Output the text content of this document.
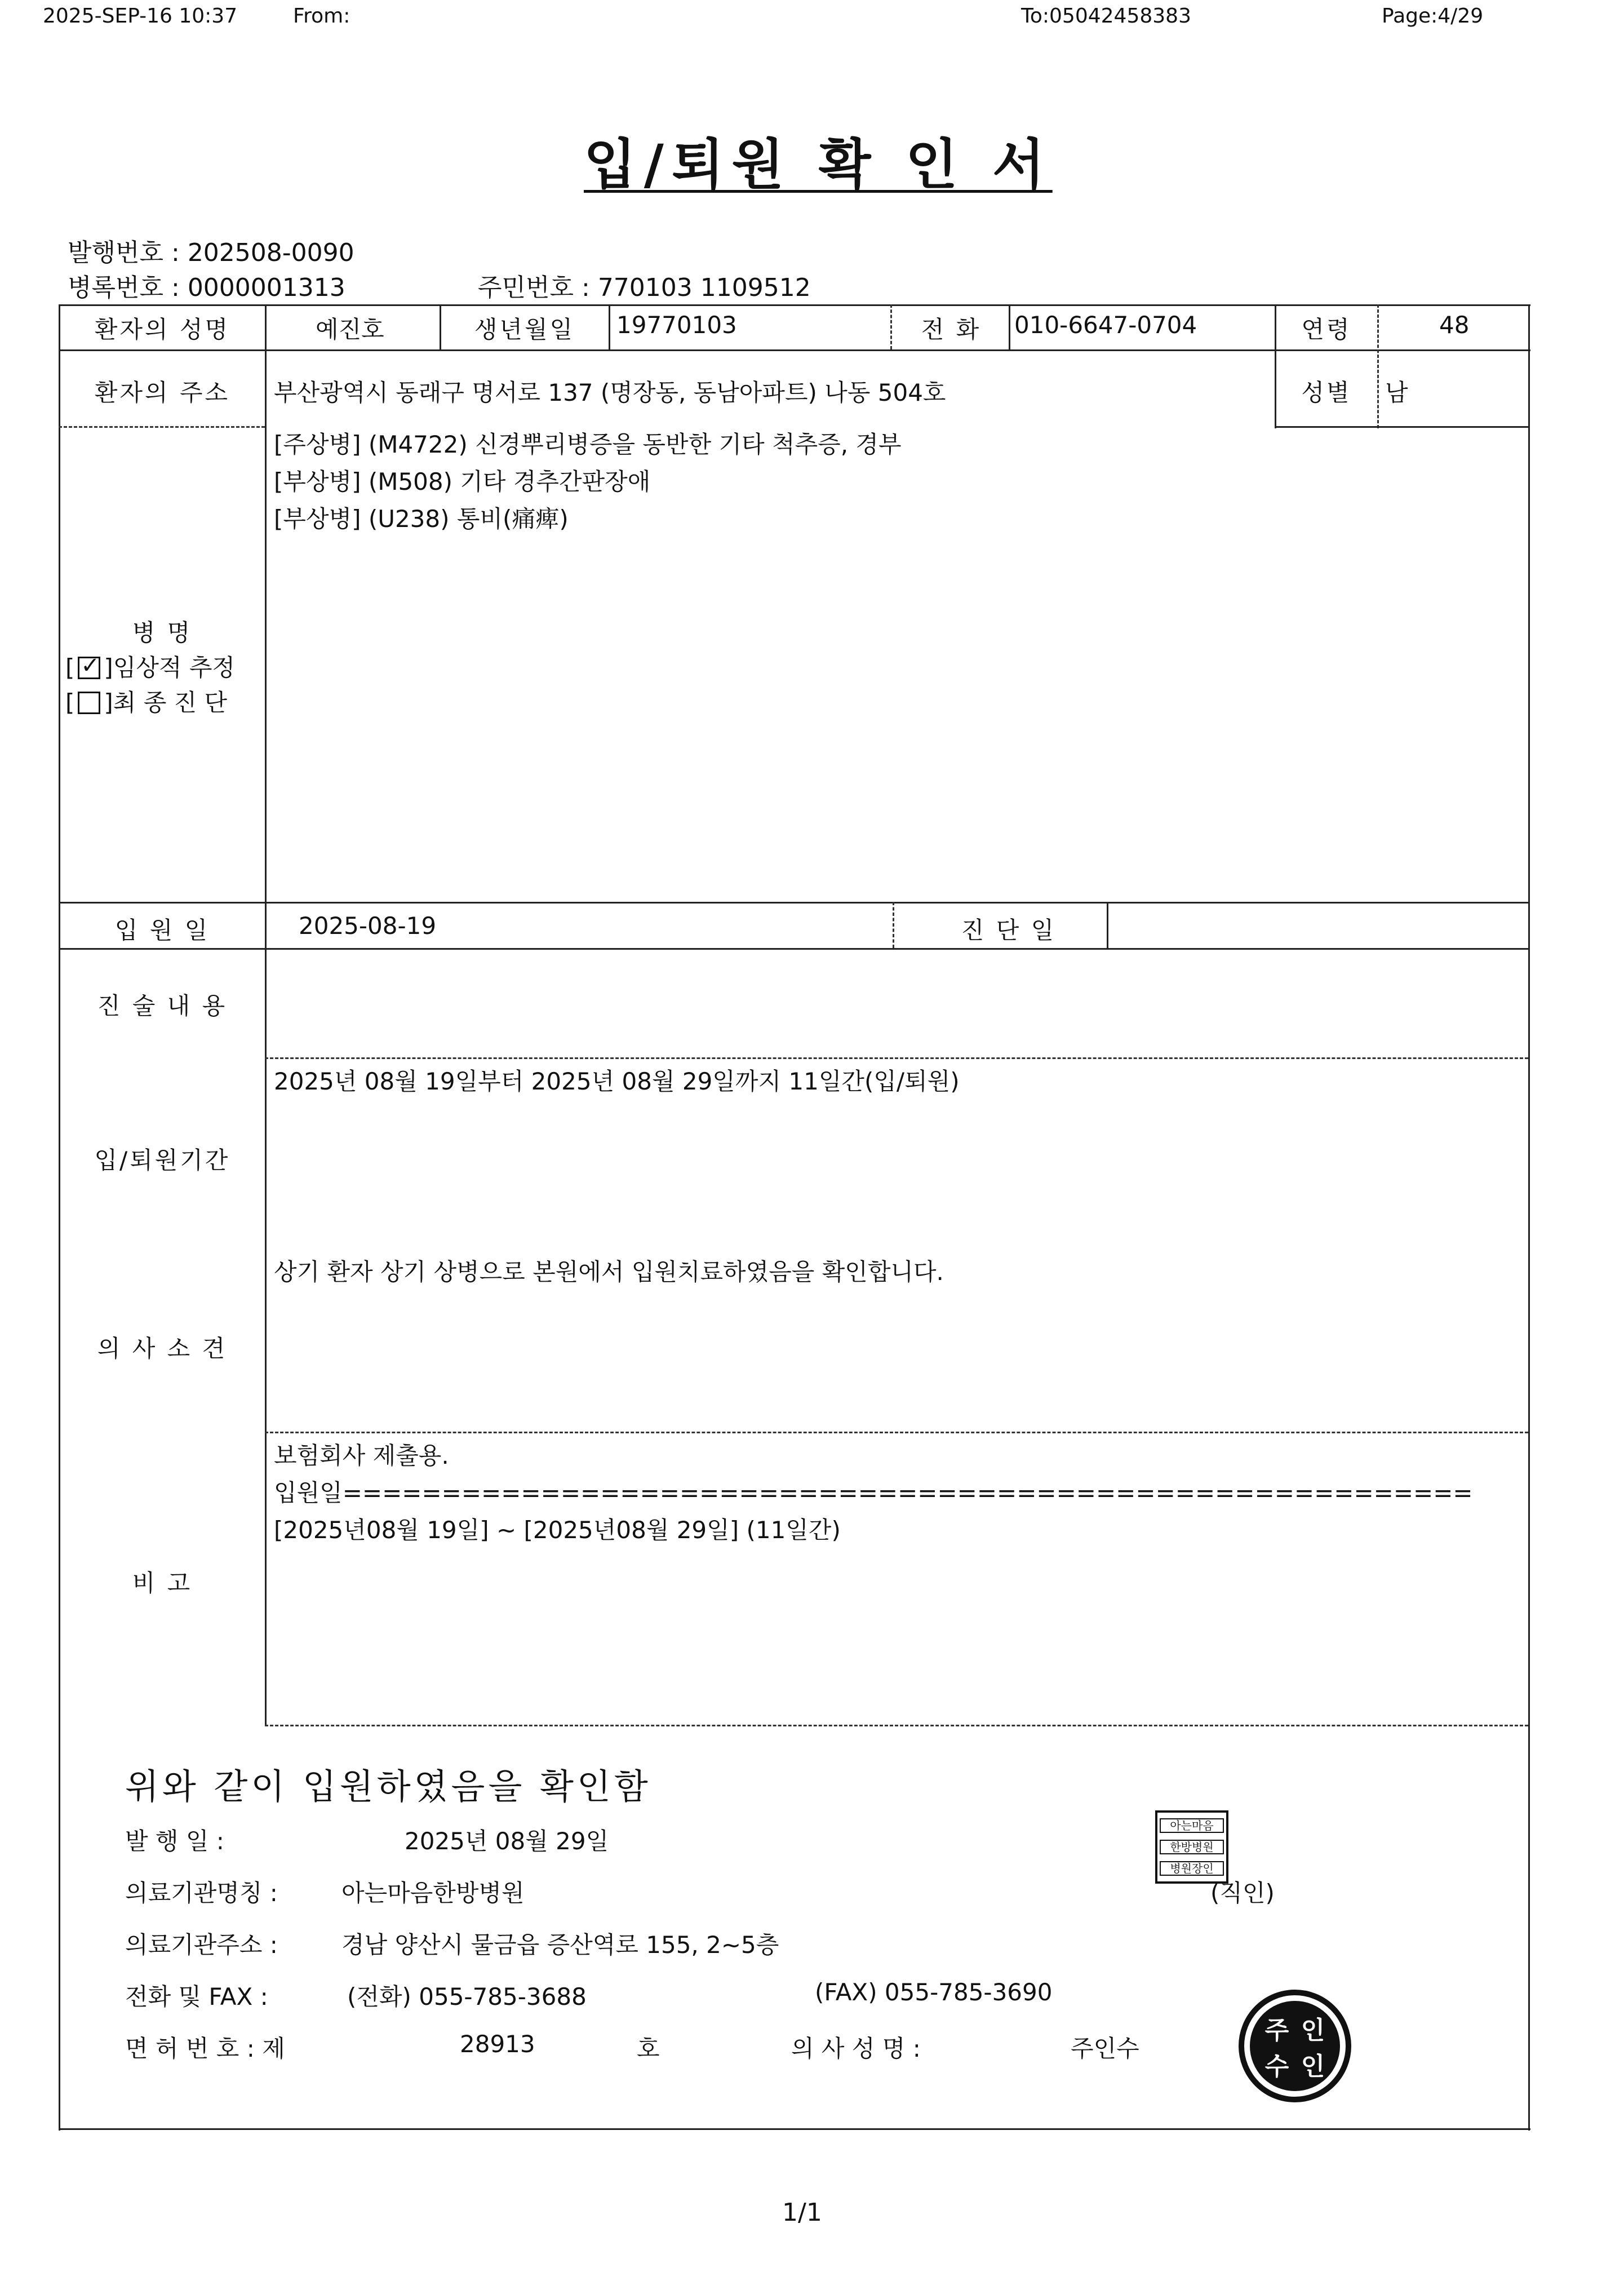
2025-SEP-16 10:37	From:	To:05042458383	Page:4/29
입/퇴원 확 인 서
발행번호 : 202508-0090
병록번호 : 0000001313	주민번호 : 770103 1109512
환자의 성명	예진호	생년월일	19770103	전 화	010-6647-0704	연령	48
환자의 주소	부산광역시 동래구 명서로 137 (명장동, 동남아파트) 나동 504호	성별	남
[주상병] (M4722) 신경뿌리병증을 동반한 기타 척추증, 경부
[부상병] (M508) 기타 경추간판장애
[부상병] (U238) 통비(痛痺)
병 명
[✓ ]임상적 추정
[ ]최 종 진 단
입 원 일	2025-08-19	진 단 일
진 술 내 용
2025년 08월 19일부터 2025년 08월 29일까지 11일간(입/퇴원)
입/퇴원기간
상기 환자 상기 상병으로 본원에서 입원치료하였음을 확인합니다.
의 사 소 견
보험회사 제출용.
입원일=========================================================
[2025년08월 19일] ~ [2025년08월 29일] (11일간)
비 고
위와 같이 입원하였음을 확인함
발 행 일 :	2025년 08월 29일
의료기관명칭 :	아는마음한방병원	(직인)
의료기관주소 :	경남 양산시 물금읍 증산역로 155, 2~5층
전화 및 FAX :	(전화) 055-785-3688	(FAX) 055-785-3690
면 허 번 호 : 제	28913	호	의 사 성 명 :	주인수
아는마음
한방병원
병원장인
주 인
수 인
1/1
